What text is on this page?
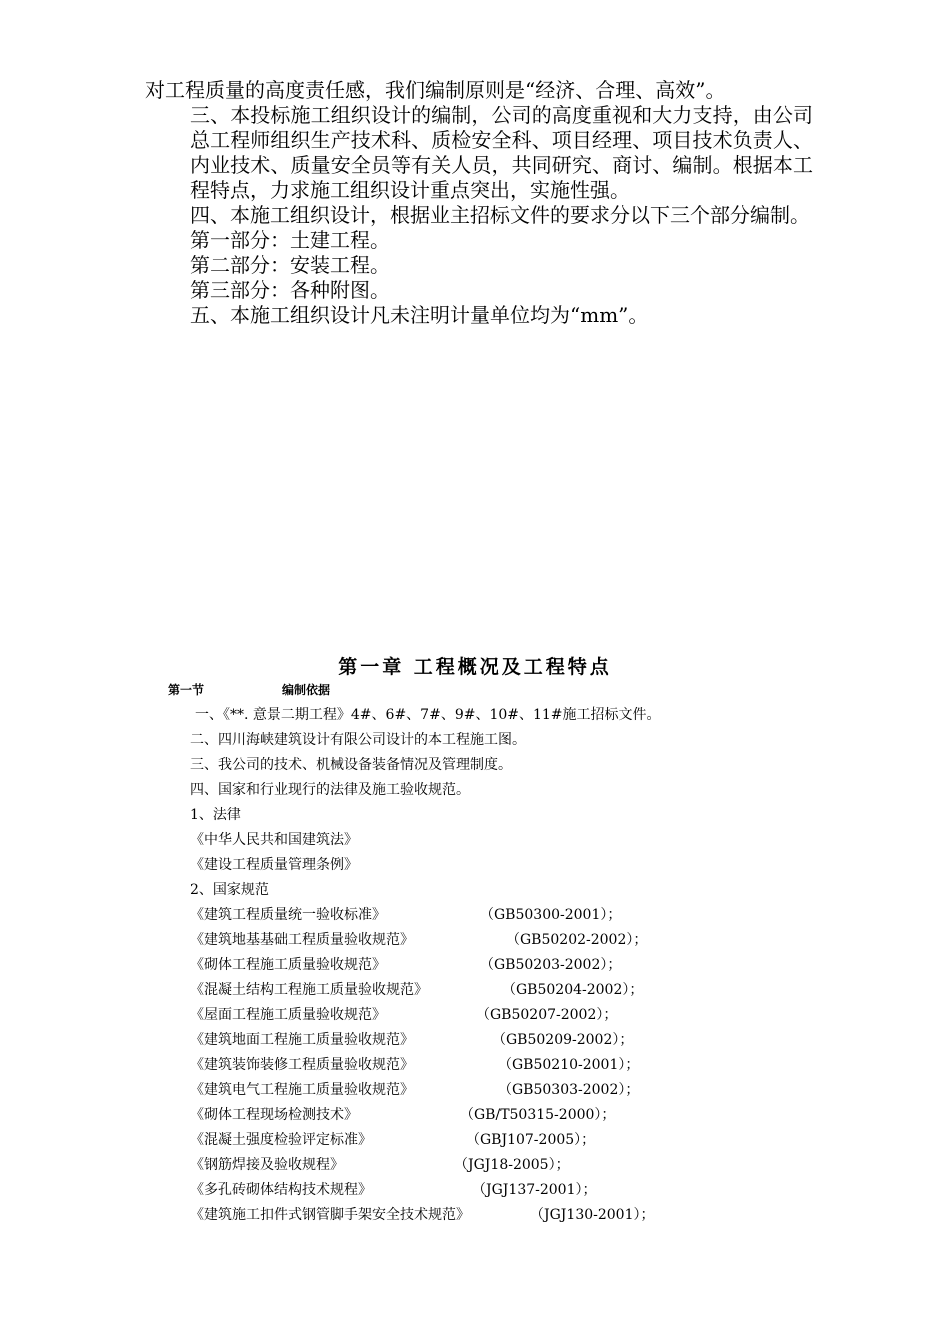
对工程质量的高度责任感，我们编制原则是“经济、合理、高效”。

三、本投标施工组织设计的编制，公司的高度重视和大力支持，由公司总工程师组织生产技术科、质检安全科、项目经理、项目技术负责人、内业技术、质量安全员等有关人员，共同研究、商讨、编制。根据本工程特点，力求施工组织设计重点突出，实施性强。

四、本施工组织设计，根据业主招标文件的要求分以下三个部分编制。

第一部分：土建工程。

第二部分：安装工程。

第三部分：各种附图。

五、本施工组织设计凡未注明计量单位均为“mm”。

第一章 工程概况及工程特点
第一节	编制依据

一、《**. 意景二期工程》4#、6#、7#、9#、10#、11#施工招标文件。

二、四川海峡建筑设计有限公司设计的本工程施工图。

三、我公司的技术、机械设备装备情况及管理制度。

四、国家和行业现行的法律及施工验收规范。

1、法律

《中华人民共和国建筑法》

《建设工程质量管理条例》

2、国家规范

《建筑工程质量统一验收标准》	（GB50300-2001）；

《建筑地基基础工程质量验收规范》	（GB50202-2002）；

《砌体工程施工质量验收规范》	（GB50203-2002）；

《混凝土结构工程施工质量验收规范》	（GB50204-2002）；

《屋面工程施工质量验收规范》	（GB50207-2002）；

《建筑地面工程施工质量验收规范》	（GB50209-2002）；

《建筑装饰装修工程质量验收规范》	（GB50210-2001）；

《建筑电气工程施工质量验收规范》	（GB50303-2002）；

《砌体工程现场检测技术》	（GB/T50315-2000）；

《混凝土强度检验评定标准》	（GBJ107-2005）；

《钢筋焊接及验收规程》	（JGJ18-2005）；

《多孔砖砌体结构技术规程》	（JGJ137-2001）；

《建筑施工扣件式钢管脚手架安全技术规范》	（JGJ130-2001）；
